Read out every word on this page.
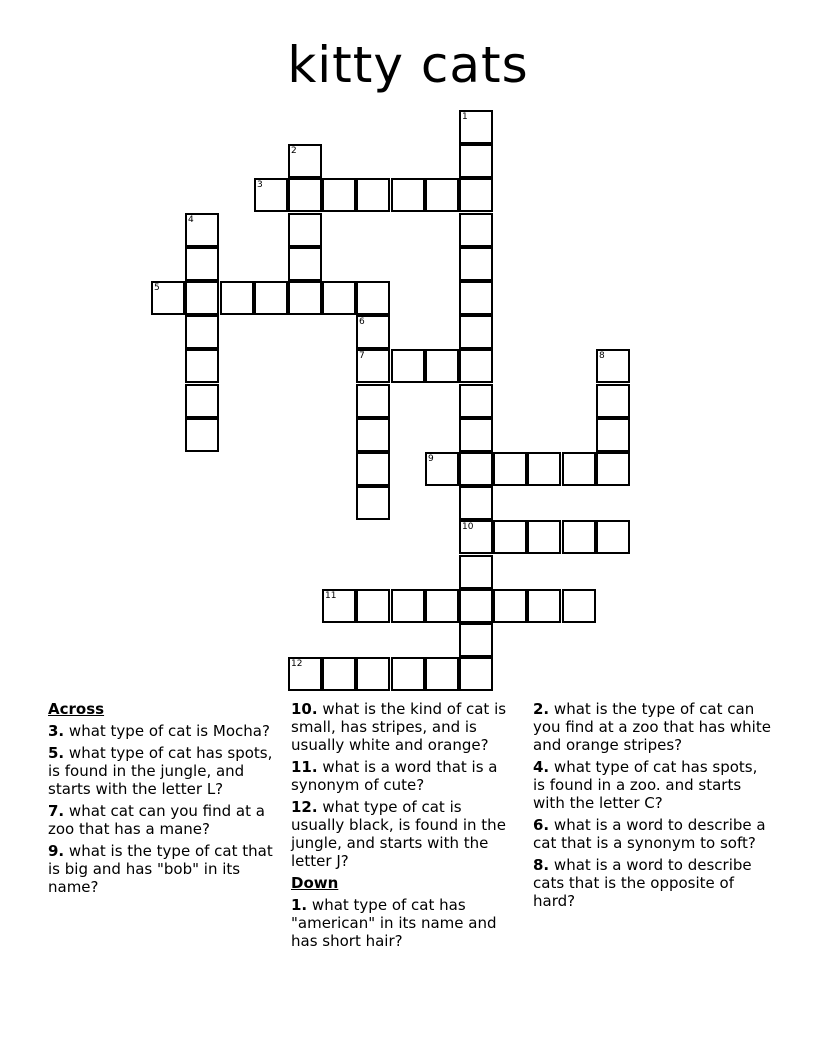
kitty cats
1
10
2
3
4
5
6
7	8
9
11
12
Across
3. what type of cat is Mocha?
5. what type of cat has spots, is found in the jungle, and starts with the letter L?
7. what cat can you find at a zoo that has a mane?
9. what is the type of cat that is big and has "bob" in its name?
10. what is the kind of cat is small, has stripes, and is usually white and orange?
11. what is a word that is a synonym of cute?
12. what type of cat is usually black, is found in the jungle, and starts with the letter J?
Down
1. what type of cat has "american" in its name and has short hair?
2. what is the type of cat can you find at a zoo that has white and orange stripes?
4. what type of cat has spots, is found in a zoo. and starts with the letter C?
6. what is a word to describe a cat that is a synonym to soft?
8. what is a word to describe cats that is the opposite of hard?
